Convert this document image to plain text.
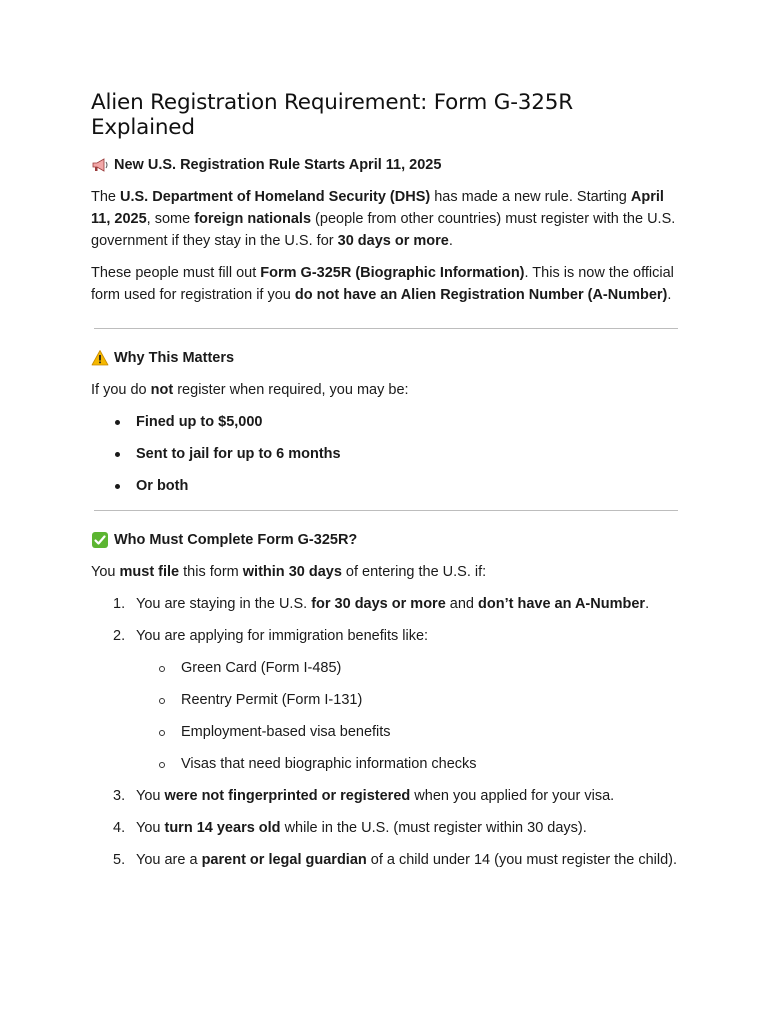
Alien Registration Requirement: Form G-325R Explained
New U.S. Registration Rule Starts April 11, 2025

The U.S. Department of Homeland Security (DHS) has made a new rule. Starting April 11, 2025, some foreign nationals (people from other countries) must register with the U.S. government if they stay in the U.S. for 30 days or more.

These people must fill out Form G-325R (Biographic Information). This is now the official form used for registration if you do not have an Alien Registration Number (A-Number).

Why This Matters

If you do not register when required, you may be:

Fined up to $5,000
Sent to jail for up to 6 months
Or both
Who Must Complete Form G-325R?

You must file this form within 30 days of entering the U.S. if:

1. You are staying in the U.S. for 30 days or more and don’t have an A-Number.
2. You are applying for immigration benefits like:
Green Card (Form I-485)
Reentry Permit (Form I-131)
Employment-based visa benefits
Visas that need biographic information checks
3. You were not fingerprinted or registered when you applied for your visa.
4. You turn 14 years old while in the U.S. (must register within 30 days).
5. You are a parent or legal guardian of a child under 14 (you must register the child).
